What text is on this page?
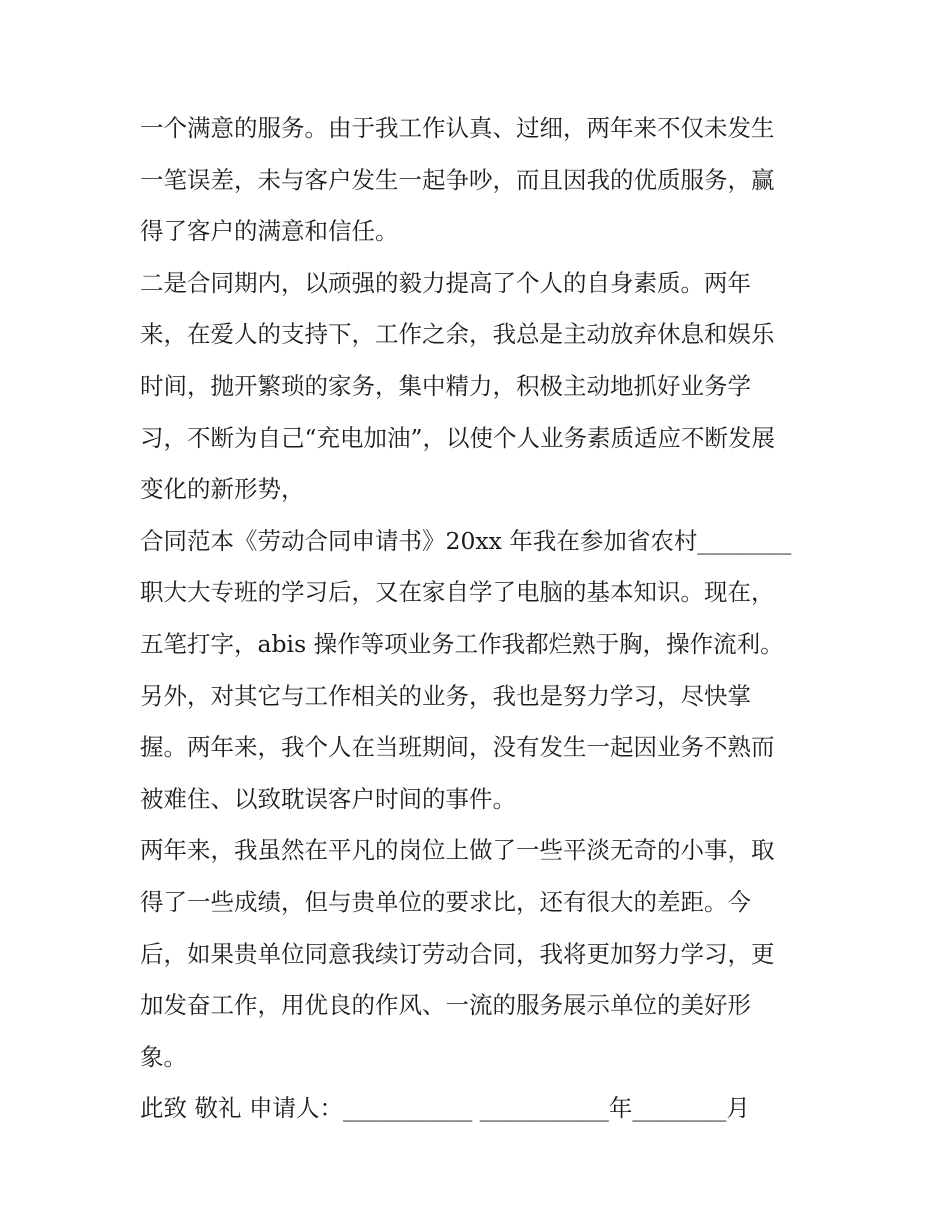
一个满意的服务。由于我工作认真、过细，两年来不仅未发生
一笔误差，未与客户发生一起争吵，而且因我的优质服务，赢
得了客户的满意和信任。

二是合同期内，以顽强的毅力提高了个人的自身素质。两年
来，在爱人的支持下，工作之余，我总是主动放弃休息和娱乐
时间，抛开繁琐的家务，集中精力，积极主动地抓好业务学
习，不断为自己“充电加油”，以使个人业务素质适应不断发展
变化的新形势，

合同范本《劳动合同申请书》20xx 年我在参加省农村________
职大大专班的学习后，又在家自学了电脑的基本知识。现在，
五笔打字，abis 操作等项业务工作我都烂熟于胸，操作流利。
另外，对其它与工作相关的业务，我也是努力学习，尽快掌
握。两年来，我个人在当班期间，没有发生一起因业务不熟而
被难住、以致耽误客户时间的事件。

两年来，我虽然在平凡的岗位上做了一些平淡无奇的小事，取
得了一些成绩，但与贵单位的要求比，还有很大的差距。今
后，如果贵单位同意我续订劳动合同，我将更加努力学习，更
加发奋工作，用优良的作风、一流的服务展示单位的美好形
象。

此致 敬礼 申请人：___________ ___________年________月
